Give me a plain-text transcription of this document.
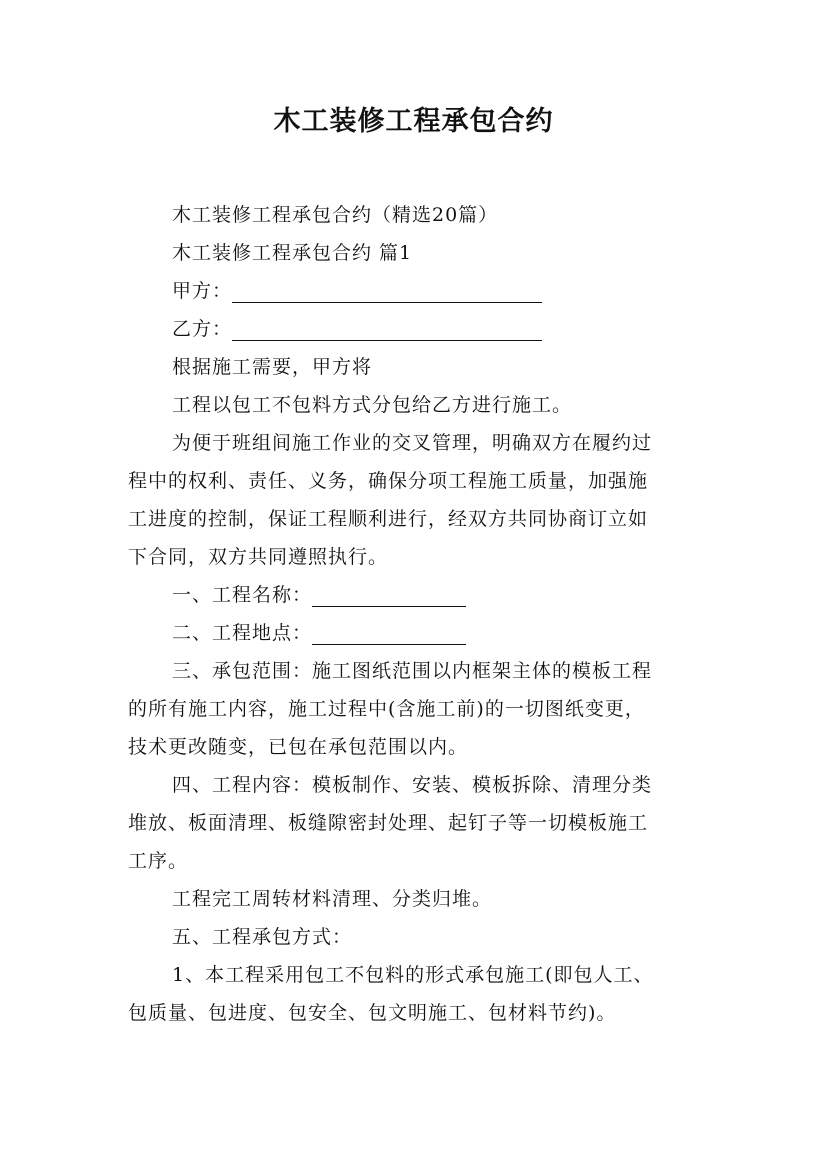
木工装修工程承包合约
木工装修工程承包合约（精选20篇）
木工装修工程承包合约 篇1
甲方：
乙方：
根据施工需要，甲方将
工程以包工不包料方式分包给乙方进行施工。
为便于班组间施工作业的交叉管理，明确双方在履约过
程中的权利、责任、义务，确保分项工程施工质量，加强施
工进度的控制，保证工程顺利进行，经双方共同协商订立如
下合同，双方共同遵照执行。
一、工程名称：
二、工程地点：
三、承包范围：施工图纸范围以内框架主体的模板工程
的所有施工内容，施工过程中(含施工前)的一切图纸变更，
技术更改随变，已包在承包范围以内。
四、工程内容：模板制作、安装、模板拆除、清理分类
堆放、板面清理、板缝隙密封处理、起钉子等一切模板施工
工序。
工程完工周转材料清理、分类归堆。
五、工程承包方式：
1、本工程采用包工不包料的形式承包施工(即包人工、
包质量、包进度、包安全、包文明施工、包材料节约)。
